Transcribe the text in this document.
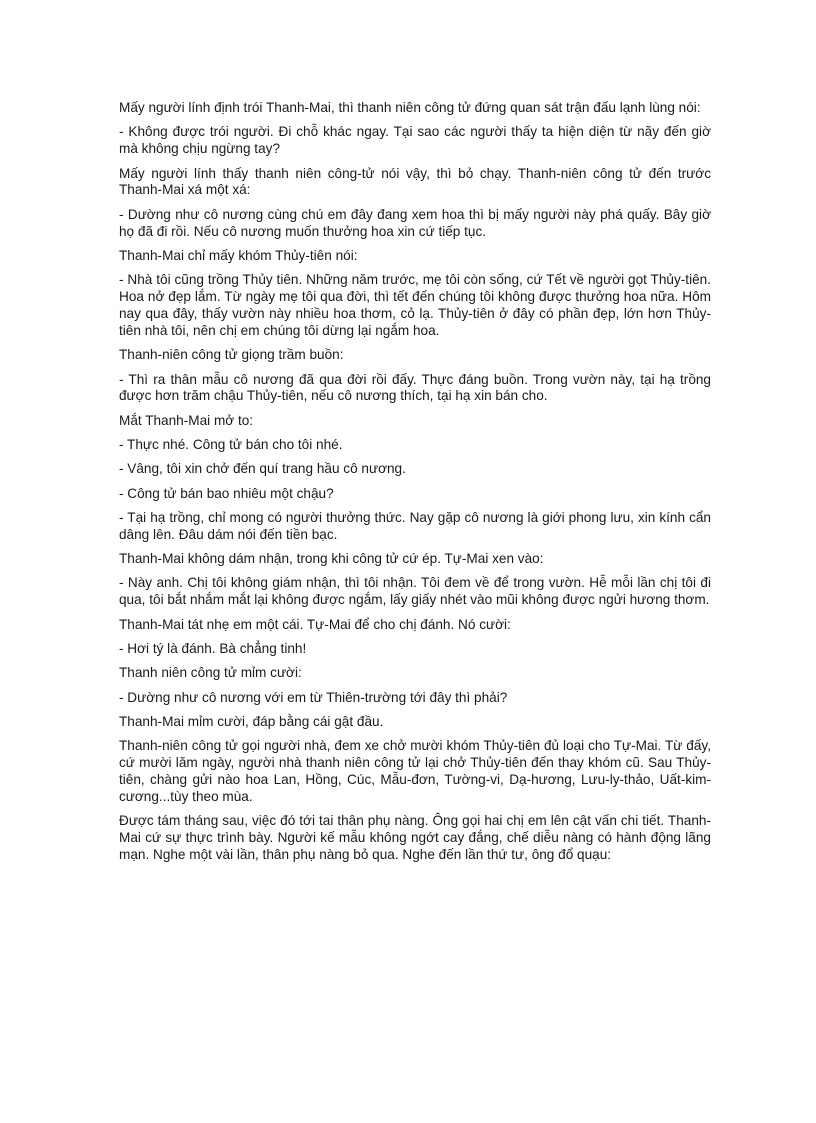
Mấy người lính định trói Thanh-Mai, thì thanh niên công tử đứng quan sát trận đấu lạnh lùng nói:

- Không được trói người. Đi chỗ khác ngay. Tại sao các người thấy ta hiện diện từ nãy đến giờ mà không chịu ngừng tay?

Mấy người lính thấy thanh niên công-tử nói vậy, thì bỏ chạy. Thanh-niên công tử đến trước Thanh-Mai xá một xá:

- Dường như cô nương cùng chú em đây đang xem hoa thì bị mấy người này phá quấy. Bây giờ họ đã đi rồi. Nếu cô nương muốn thưởng hoa xin cứ tiếp tục.

Thanh-Mai chỉ mấy khóm Thủy-tiên nói:

- Nhà tôi cũng trồng Thủy tiên. Những năm trước, mẹ tôi còn sống, cứ Tết về người gọt Thủy-tiên. Hoa nở đẹp lắm. Từ ngày mẹ tôi qua đời, thì tết đến chúng tôi không được thưởng hoa nữa. Hôm nay qua đây, thấy vườn này nhiều hoa thơm, cỏ lạ. Thủy-tiên ở đây có phần đẹp, lớn hơn Thủy-tiên nhà tôi, nên chị em chúng tôi dừng lại ngắm hoa.

Thanh-niên công tử giọng trầm buồn:

- Thì ra thân mẫu cô nương đã qua đời rồi đấy. Thực đáng buồn. Trong vườn này, tại hạ trồng được hơn trăm chậu Thủy-tiên, nếu cô nương thích, tại hạ xin bán cho.

Mắt Thanh-Mai mở to:

- Thực nhé. Công tử bán cho tôi nhé.

- Vâng, tôi xin chở đến quí trang hầu cô nương.

- Công tử bán bao nhiêu một chậu?

- Tại hạ trồng, chỉ mong có người thưởng thức. Nay gặp cô nương là giới phong lưu, xin kính cẩn dâng lên. Đâu dám nói đến tiền bạc.

Thanh-Mai không dám nhận, trong khi công tử cứ ép. Tự-Mai xen vào:

- Này anh. Chị tôi không giám nhận, thì tôi nhận. Tôi đem về để trong vườn. Hễ mỗi lần chị tôi đi qua, tôi bắt nhắm mắt lại không được ngắm, lấy giấy nhét vào mũi không được ngửi hương thơm.

Thanh-Mai tát nhẹ em một cái. Tự-Mai để cho chị đánh. Nó cười:

- Hơi tý là đánh. Bà chẳng tinh!

Thanh niên công tử mỉm cười:

- Dường như cô nương với em từ Thiên-trường tới đây thì phải?

Thanh-Mai mỉm cười, đáp bằng cái gật đầu.

Thanh-niên công tử gọi người nhà, đem xe chở mười khóm Thủy-tiên đủ loại cho Tự-Mai. Từ đấy, cứ mười lăm ngày, người nhà thanh niên công tử lại chở Thủy-tiên đến thay khóm cũ. Sau Thủy-tiên, chàng gửi nào hoa Lan, Hồng, Cúc, Mẫu-đơn, Tường-vi, Dạ-hương, Lưu-ly-thảo, Uất-kim-cương...tùy theo mùa.

Được tám tháng sau, việc đó tới tai thân phụ nàng. Ông gọi hai chị em lên cật vấn chi tiết. Thanh-Mai cứ sự thực trình bày. Người kế mẫu không ngớt cay đắng, chế diễu nàng có hành động lãng mạn. Nghe một vài lần, thân phụ nàng bỏ qua. Nghe đến lần thứ tư, ông đổ quạu:
